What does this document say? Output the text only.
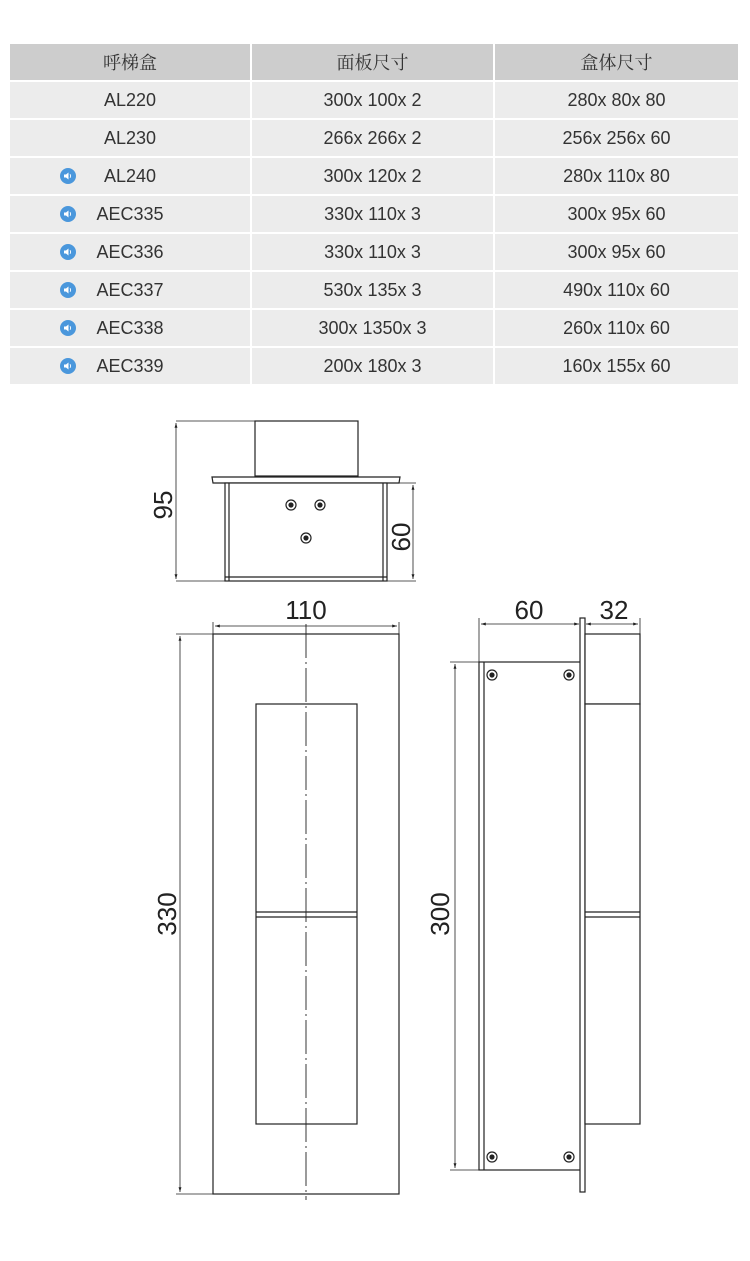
呼梯盒	面板尺寸	盒体尺寸
AL220	300x 100x 2	280x 80x 80
AL230	266x 266x 2	256x 256x 60
AL240	300x 120x 2	280x 110x 80
AEC335	330x 110x 3	300x 95x 60
AEC336	330x 110x 3	300x 95x 60
AEC337	530x 135x 3	490x 110x 60
AEC338	300x 1350x 3	260x 110x 60
AEC339	200x 180x 3	160x 155x 60
95
60
110
330
60 32
300
